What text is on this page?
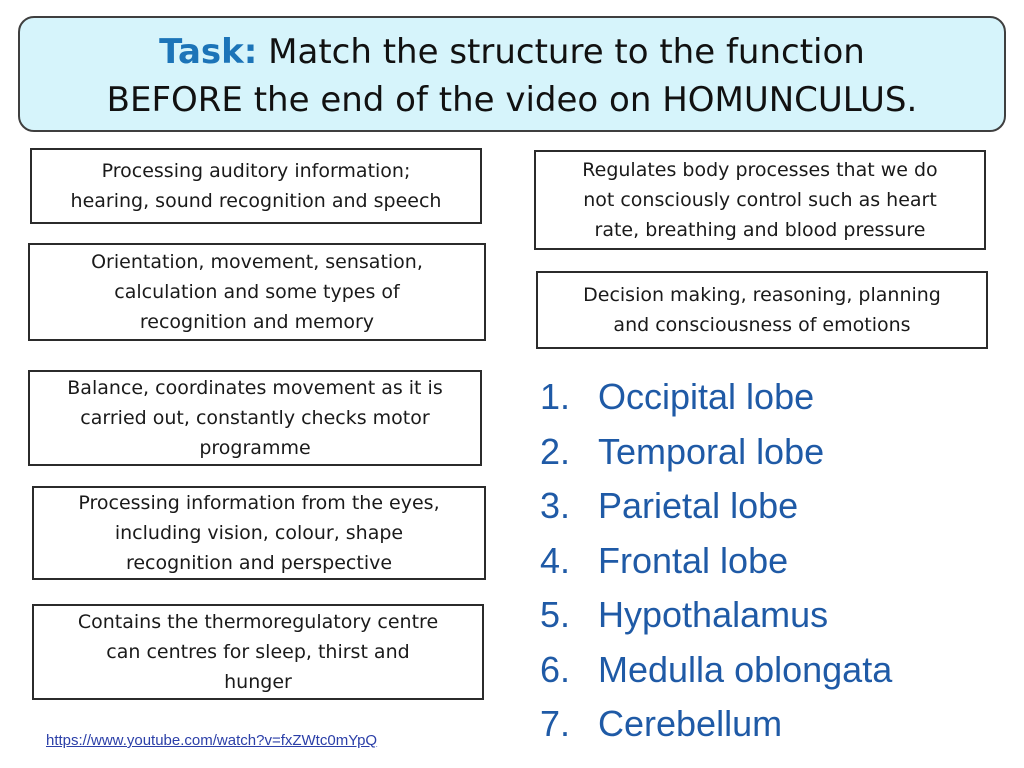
Task: Match the structure to the function
BEFORE the end of the video on HOMUNCULUS.
Processing auditory information;
hearing, sound recognition and speech
Orientation, movement, sensation,
calculation and some types of
recognition and memory
Balance, coordinates movement as it is
carried out, constantly checks motor
programme
Processing information from the eyes,
including vision, colour, shape
recognition and perspective
Contains the thermoregulatory centre
can centres for sleep, thirst and
hunger
Regulates body processes that we do
not consciously control such as heart
rate, breathing and blood pressure
Decision making, reasoning, planning
and consciousness of emotions
1. Occipital lobe
2. Temporal lobe
3. Parietal lobe
4. Frontal lobe
5. Hypothalamus
6. Medulla oblongata
7. Cerebellum
https://www.youtube.com/watch?v=fxZWtc0mYpQ
